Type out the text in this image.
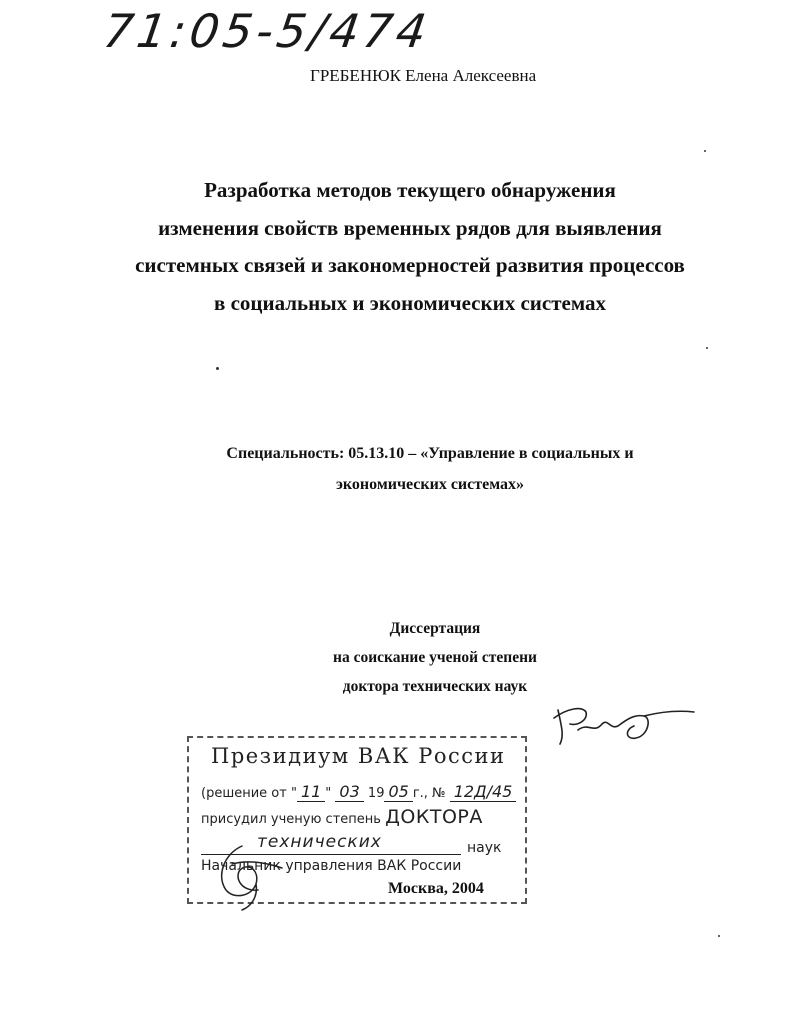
71:05-5/474
ГРЕБЕНЮК Елена Алексеевна
Разработка методов текущего обнаружения
изменения свойств временных рядов для выявления
системных связей и закономерностей развития процессов
в социальных и экономических системах
Специальность: 05.13.10 – «Управление в социальных и
экономических системах»
Диссертация
на соискание ученой степени
доктора технических наук
Президиум ВАК России
(решение от " 11 " 03 19 05 г., № 12Д/45
присудил ученую степень ДОКТОРА
технических	наук
Начальник управления ВАК России
Москва, 2004
